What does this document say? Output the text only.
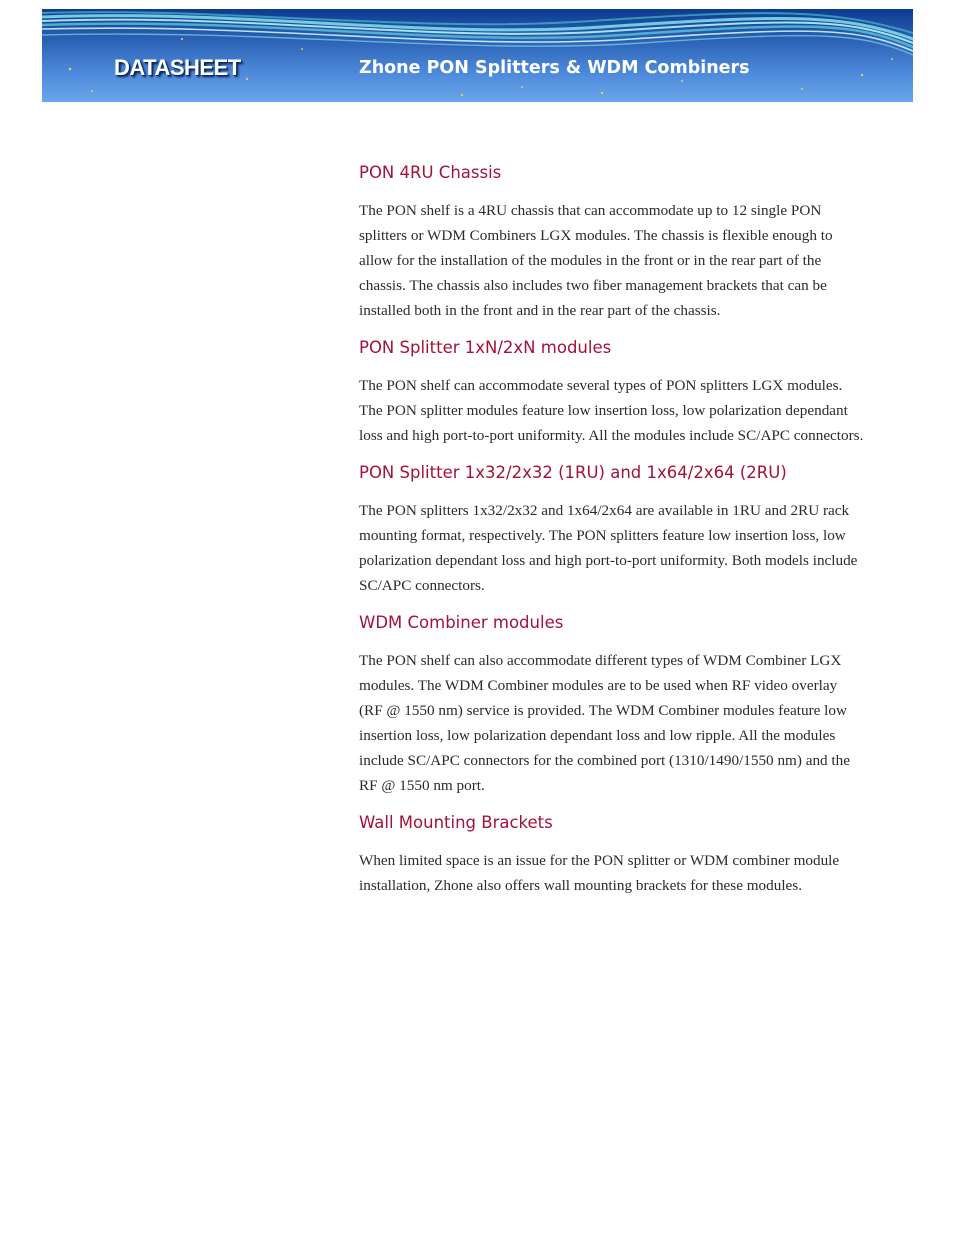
DATASHEET	Zhone PON Splitters & WDM Combiners
PON 4RU Chassis

The PON shelf is a 4RU chassis that can accommodate up to 12 single PON splitters or WDM Combiners LGX modules. The chassis is flexible enough to allow for the installation of the modules in the front or in the rear part of the chassis. The chassis also includes two fiber management brackets that can be installed both in the front and in the rear part of the chassis.

PON Splitter 1xN/2xN modules

The PON shelf can accommodate several types of PON splitters LGX modules. The PON splitter modules feature low insertion loss, low polarization dependant loss and high port-to-port uniformity. All the modules include SC/APC connectors.

PON Splitter 1x32/2x32 (1RU) and 1x64/2x64 (2RU)

The PON splitters 1x32/2x32 and 1x64/2x64 are available in 1RU and 2RU rack mounting format, respectively. The PON splitters feature low insertion loss, low polarization dependant loss and high port-to-port uniformity. Both models include SC/APC connectors.

WDM Combiner modules

The PON shelf can also accommodate different types of WDM Combiner LGX modules. The WDM Combiner modules are to be used when RF video overlay (RF @ 1550 nm) service is provided. The WDM Combiner modules feature low insertion loss, low polarization dependant loss and low ripple. All the modules include SC/APC connectors for the combined port (1310/1490/1550 nm) and the RF @ 1550 nm port.

Wall Mounting Brackets

When limited space is an issue for the PON splitter or WDM combiner module installation, Zhone also offers wall mounting brackets for these modules.
